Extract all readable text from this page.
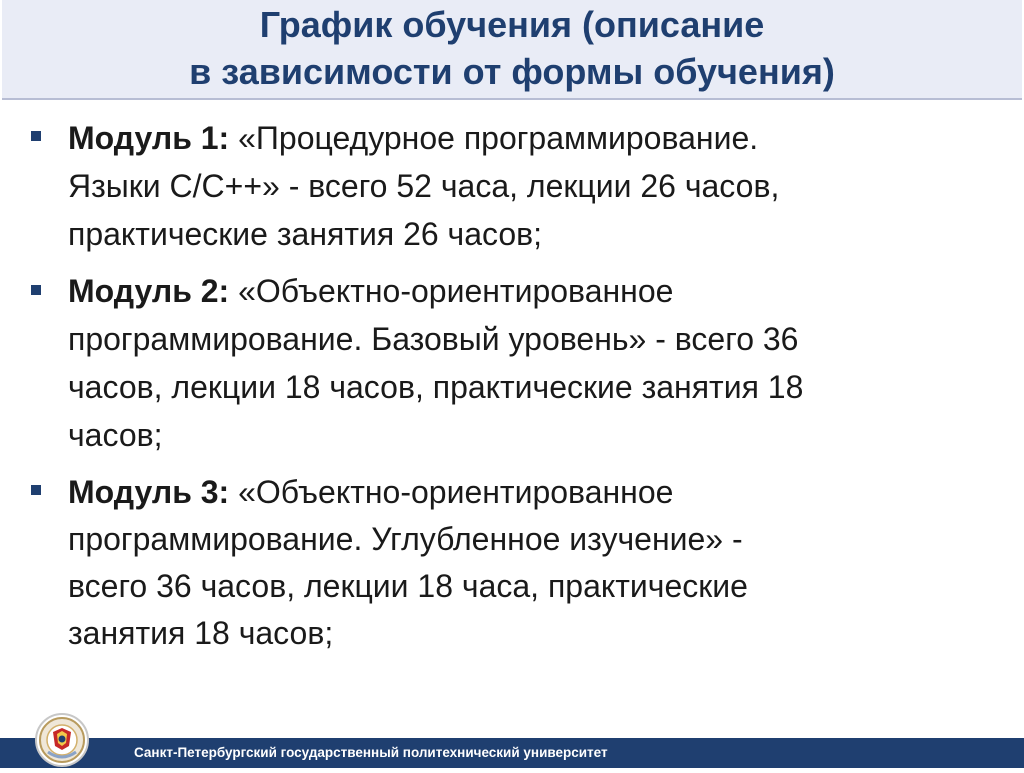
График обучения (описание
в зависимости от формы обучения)
Модуль 1: «Процедурное программирование.
Языки C/C++» - всего 52 часа, лекции 26 часов,
практические занятия 26 часов;
Модуль 2: «Объектно-ориентированное
программирование. Базовый уровень» - всего 36
часов, лекции 18 часов, практические занятия 18
часов;
Модуль 3: «Объектно-ориентированное
программирование. Углубленное изучение» -
всего 36 часов, лекции 18 часа, практические
занятия 18 часов;
Санкт-Петербургский государственный политехнический университет
